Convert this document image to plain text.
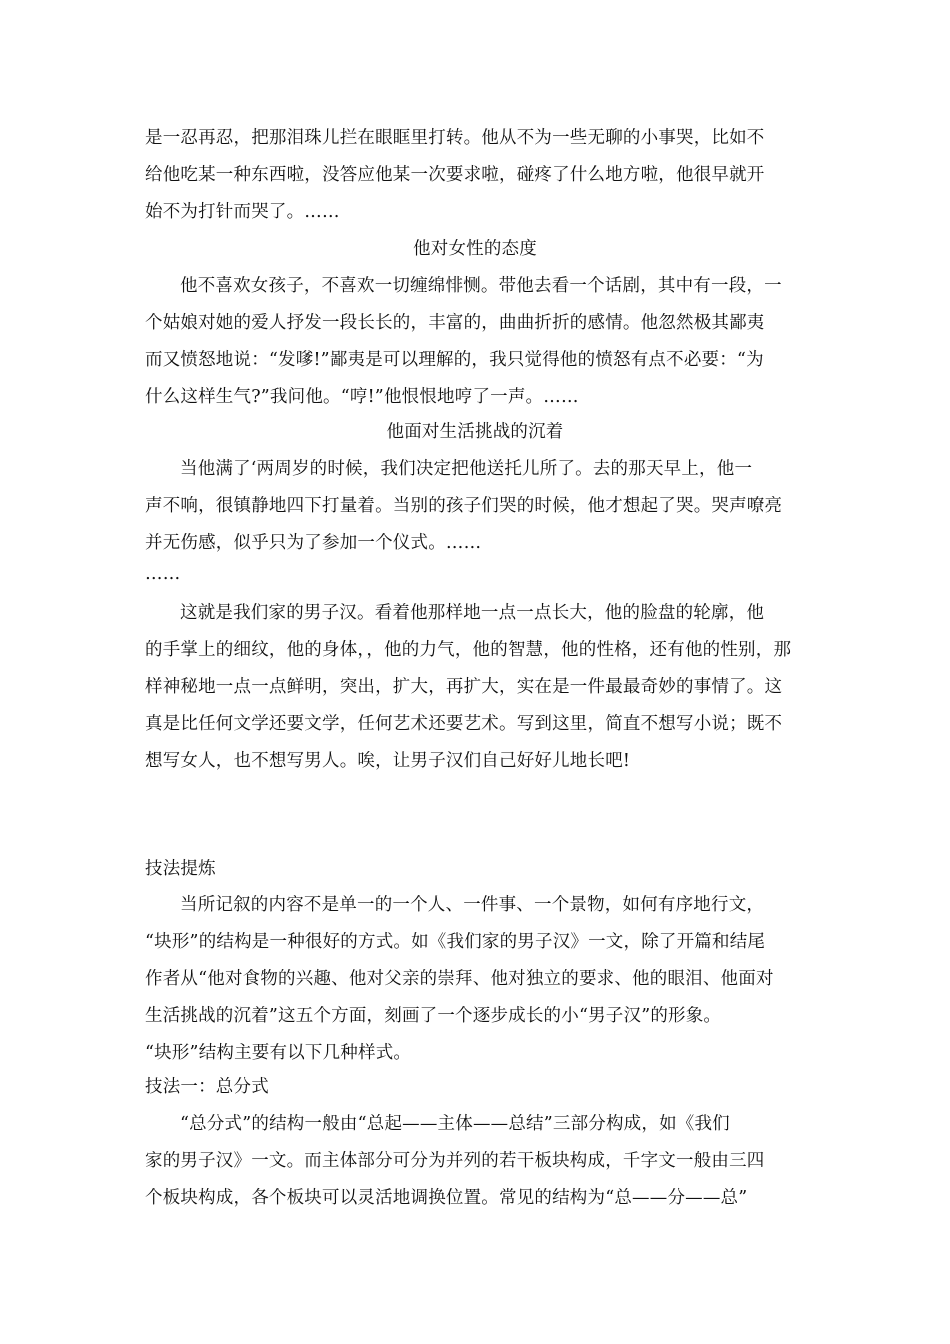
是一忍再忍，把那泪珠儿拦在眼眶里打转。他从不为一些无聊的小事哭，比如不
给他吃某一种东西啦，没答应他某一次要求啦，碰疼了什么地方啦，他很早就开
始不为打针而哭了。……
他对女性的态度
他不喜欢女孩子，不喜欢一切缠绵悱恻。带他去看一个话剧，其中有一段，一
个姑娘对她的爱人抒发一段长长的，丰富的，曲曲折折的感情。他忽然极其鄙夷
而又愤怒地说：“发嗲!”鄙夷是可以理解的，我只觉得他的愤怒有点不必要：“为
什么这样生气?”我问他。“哼!”他恨恨地哼了一声。……
他面对生活挑战的沉着
当他满了‘两周岁的时候，我们决定把他送托儿所了。去的那天早上，他一
声不响，很镇静地四下打量着。当别的孩子们哭的时候，他才想起了哭。哭声嘹亮
并无伤感，似乎只为了参加一个仪式。……
……
这就是我们家的男子汉。看着他那样地一点一点长大，他的脸盘的轮廓，他
的手掌上的细纹，他的身体，，他的力气，他的智慧，他的性格，还有他的性别，那
样神秘地一点一点鲜明，突出，扩大，再扩大，实在是一件最最奇妙的事情了。这
真是比任何文学还要文学，任何艺术还要艺术。写到这里，简直不想写小说；既不
想写女人，也不想写男人。唉，让男子汉们自己好好儿地长吧!
技法提炼
当所记叙的内容不是单一的一个人、一件事、一个景物，如何有序地行文，
“块形”的结构是一种很好的方式。如《我们家的男子汉》一文，除了开篇和结尾
作者从“他对食物的兴趣、他对父亲的崇拜、他对独立的要求、他的眼泪、他面对
生活挑战的沉着”这五个方面，刻画了一个逐步成长的小“男子汉”的形象。
“块形”结构主要有以下几种样式。
技法一：总分式
“总分式”的结构一般由“总起——主体——总结”三部分构成，如《我们
家的男子汉》一文。而主体部分可分为并列的若干板块构成，千字文一般由三四
个板块构成，各个板块可以灵活地调换位置。常见的结构为“总——分——总”
